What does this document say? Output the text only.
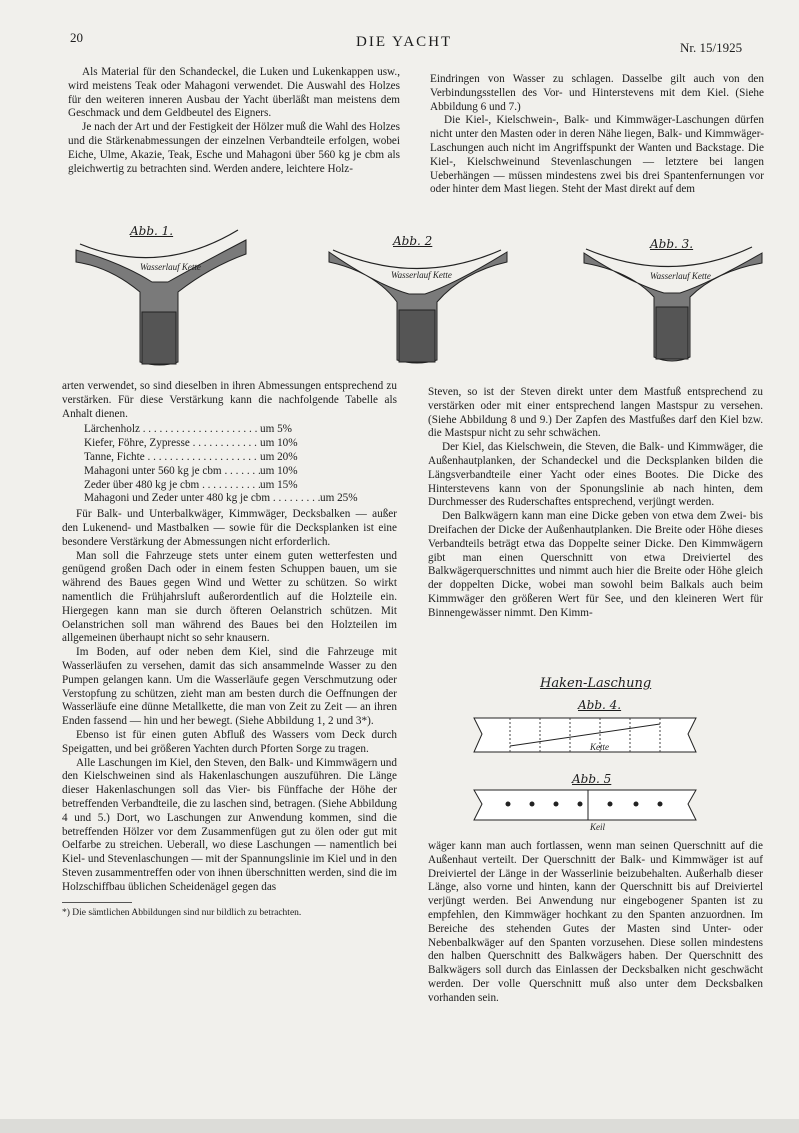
20	DIE YACHT	Nr. 15/1925

Als Material für den Schandeckel, die Luken und Lukenkappen usw., wird meistens Teak oder Mahagoni verwendet. Die Auswahl des Holzes für den weiteren inneren Ausbau der Yacht überläßt man meistens dem Geschmack und dem Geldbeutel des Eigners.

Je nach der Art und der Festigkeit der Hölzer muß die Wahl des Holzes und die Stärkenabmessungen der einzelnen Verbandteile erfolgen, wobei Eiche, Ulme, Akazie, Teak, Esche und Mahagoni über 560 kg je cbm als gleichwertig zu betrachten sind. Werden andere, leichtere Holz-

Eindringen von Wasser zu schlagen. Dasselbe gilt auch von den Verbindungsstellen des Vor- und Hinterstevens mit dem Kiel. (Siehe Abbildung 6 und 7.)

Die Kiel-, Kielschwein-, Balk- und Kimmwäger-Laschungen dürfen nicht unter den Masten oder in deren Nähe liegen, Balk- und Kimmwäger-Laschungen auch nicht im Angriffspunkt der Wanten und Backstage. Die Kiel-, Kielschweinund Stevenlaschungen — letztere bei langen Ueberhängen — müssen mindestens zwei bis drei Spantenfernungen vor oder hinter dem Mast liegen. Steht der Mast direkt auf dem

Abb. 1.
Wasserlauf Kette
Abb. 2
Wasserlauf Kette
Abb. 3.
Wasserlauf Kette

arten verwendet, so sind dieselben in ihren Abmessungen entsprechend zu verstärken. Für diese Verstärkung kann die nachfolgende Tabelle als Anhalt dienen.

Lärchenholz . . .	um 5%
Kiefer, Föhre, Zypresse . . .	um 10%
Tanne, Fichte . . .	um 20%
Mahagoni unter 560 kg je cbm . . .	um 10%
Zeder über 480 kg je cbm . . .	um 15%
Mahagoni und Zeder unter 480 kg je cbm . . .	um 25%

Für Balk- und Unterbalkwäger, Kimmwäger, Decksbalken — außer den Lukenend- und Mastbalken — sowie für die Decksplanken ist eine besondere Verstärkung der Abmessungen nicht erforderlich.

Man soll die Fahrzeuge stets unter einem guten wetterfesten und genügend großen Dach oder in einem festen Schuppen bauen, um sie während des Baues gegen Wind und Wetter zu schützen. So wirkt namentlich die Frühjahrsluft außerordentlich auf die Holzteile ein. Hiergegen kann man sie durch öfteren Oelanstrich schützen. Mit Oelanstrichen soll man während des Baues bei den Holzteilen im allgemeinen überhaupt nicht so sehr knausern.

Im Boden, auf oder neben dem Kiel, sind die Fahrzeuge mit Wasserläufen zu versehen, damit das sich ansammelnde Wasser zu den Pumpen gelangen kann. Um die Wasserläufe gegen Verschmutzung oder Verstopfung zu schützen, zieht man am besten durch die Oeffnungen der Wasserläufe eine dünne Metallkette, die man von Zeit zu Zeit — an ihren Enden fassend — hin und her bewegt. (Siehe Abbildung 1, 2 und 3*).

Ebenso ist für einen guten Abfluß des Wassers vom Deck durch Speigatten, und bei größeren Yachten durch Pforten Sorge zu tragen.

Alle Laschungen im Kiel, den Steven, den Balk- und Kimmwägern und den Kielschweinen sind als Hakenlaschungen auszuführen. Die Länge dieser Hakenlaschungen soll das Vier- bis Fünffache der Höhe der betreffenden Verbandteile, die zu laschen sind, betragen. (Siehe Abbildung 4 und 5.) Dort, wo Laschungen zur Anwendung kommen, sind die betreffenden Hölzer vor dem Zusammenfügen gut zu ölen oder gut mit Oelfarbe zu streichen. Ueberall, wo diese Laschungen — namentlich bei Kiel- und Stevenlaschungen — mit der Spannungslinie im Kiel und in den Steven zusammentreffen oder von ihnen überschnitten werden, sind die im Holzschiffbau üblichen Scheidenägel gegen das

*) Die sämtlichen Abbildungen sind nur bildlich zu betrachten.

Steven, so ist der Steven direkt unter dem Mastfuß entsprechend zu verstärken oder mit einer entsprechend langen Mastspur zu versehen. (Siehe Abbildung 8 und 9.) Der Zapfen des Mastfußes darf den Kiel bzw. die Mastspur nicht zu sehr schwächen.

Der Kiel, das Kielschwein, die Steven, die Balk- und Kimmwäger, die Außenhautplanken, der Schandeckel und die Decksplanken bilden die Längsverbandteile einer Yacht oder eines Bootes. Die Dicke des Hinterstevens kann von der Sponungslinie ab nach hinten, dem Durchmesser des Ruderschaftes entsprechend, verjüngt werden.

Den Balkwägern kann man eine Dicke geben von etwa dem Zwei- bis Dreifachen der Dicke der Außenhautplanken. Die Breite oder Höhe dieses Verbandteils beträgt etwa das Doppelte seiner Dicke. Den Kimmwägern gibt man einen Querschnitt von etwa Dreiviertel des Balkwägerquerschnittes und nimmt auch hier die Breite oder Höhe gleich der doppelten Dicke, wobei man sowohl beim Balkals auch beim Kimmwäger den größeren Wert für See, und den kleineren Wert für Binnengewässer nimmt. Den Kimm-

Haken-Laschung
Abb. 4.
Kette
Abb. 5
Keil

wäger kann man auch fortlassen, wenn man seinen Querschnitt auf die Außenhaut verteilt. Der Querschnitt der Balk- und Kimmwäger ist auf Dreiviertel der Länge in der Wasserlinie beizubehalten. Außerhalb dieser Länge, also vorne und hinten, kann der Querschnitt bis auf Dreiviertel verjüngt werden. Bei Anwendung nur eingebogener Spanten ist zu empfehlen, den Kimmwäger hochkant zu den Spanten anzuordnen. Im Bereiche des stehenden Gutes der Masten sind Unter- oder Nebenbalkwäger auf den Spanten vorzusehen. Diese sollen mindestens den halben Querschnitt des Balkwägers haben. Der Querschnitt des Balkwägers soll durch das Einlassen der Decksbalken nicht geschwächt werden. Der volle Querschnitt muß also unter dem Decksbalken vorhanden sein.
